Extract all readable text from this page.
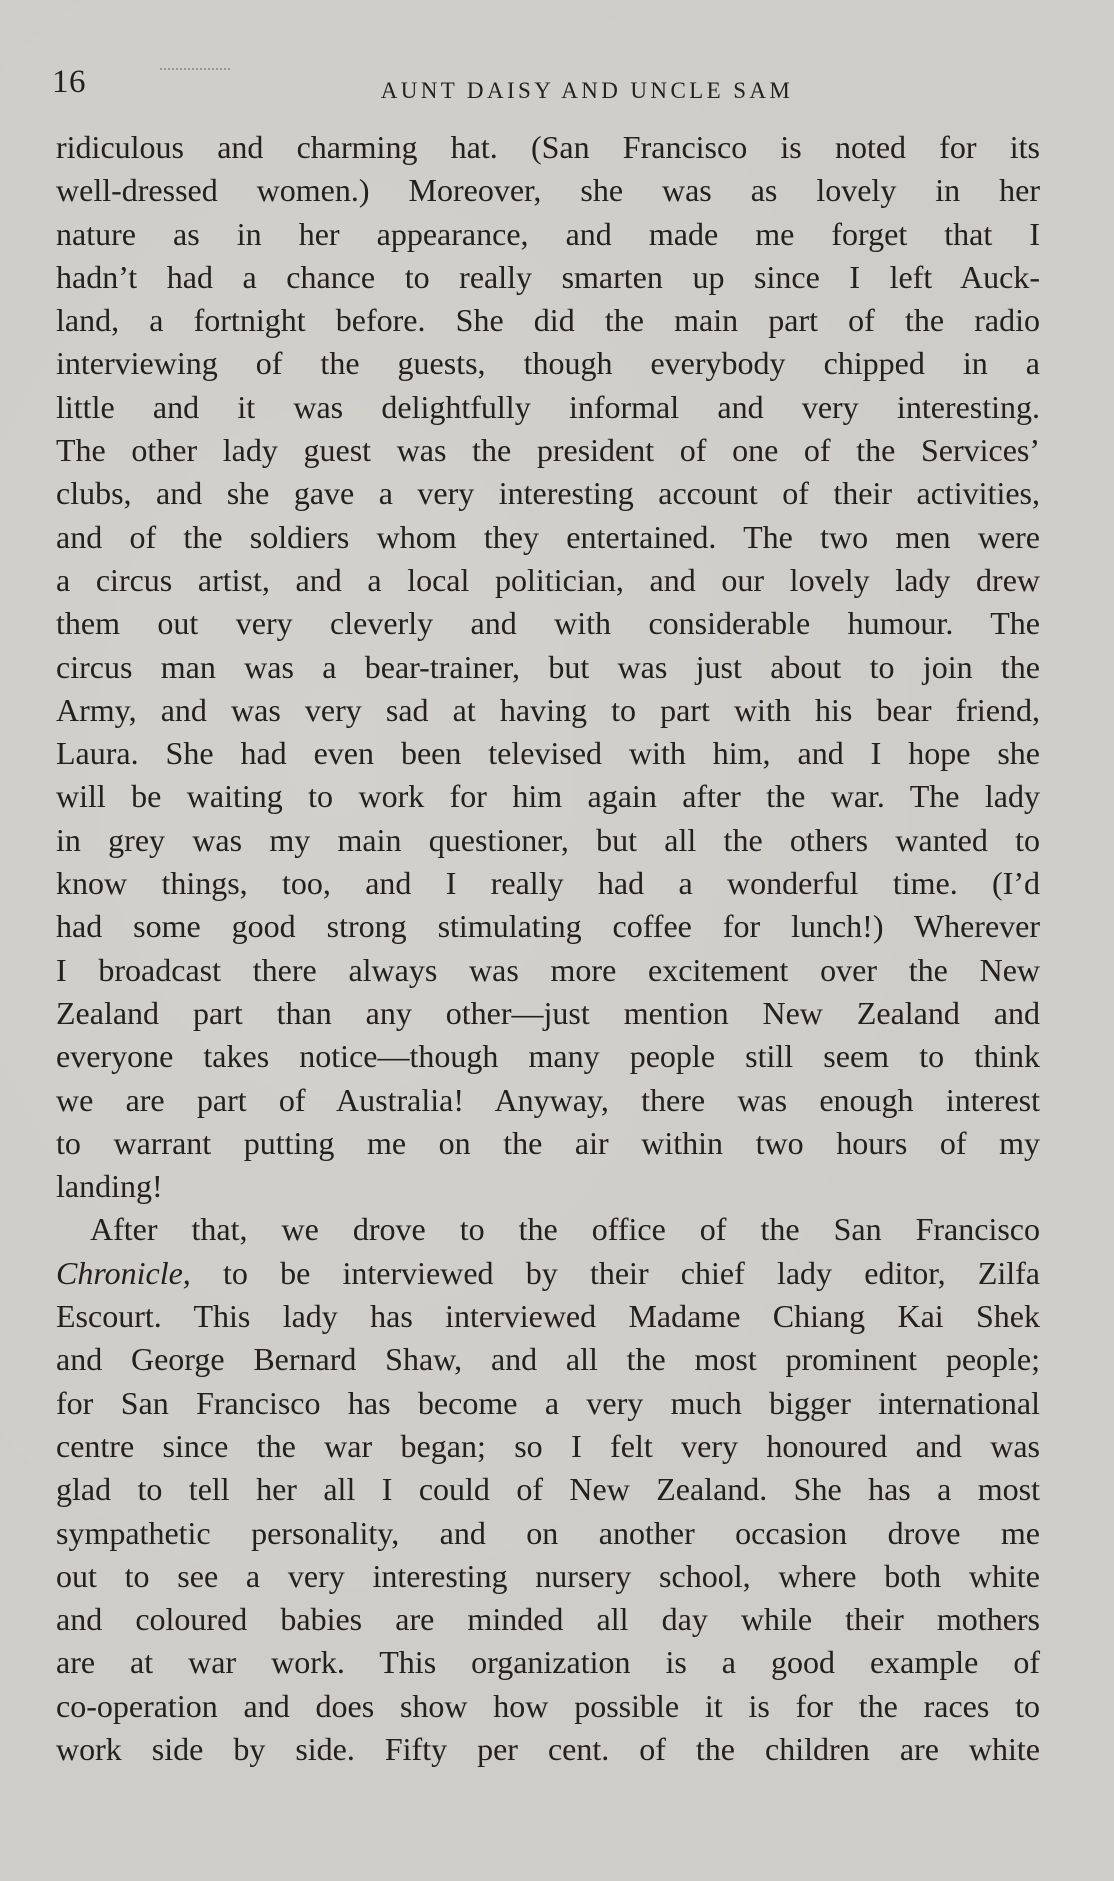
16	AUNT DAISY AND UNCLE SAM
ridiculous and charming hat. (San Francisco is noted for its
well-dressed women.) Moreover, she was as lovely in her
nature as in her appearance, and made me forget that I
hadn’t had a chance to really smarten up since I left Auck-
land, a fortnight before. She did the main part of the radio
interviewing of the guests, though everybody chipped in a
little and it was delightfully informal and very interesting.
The other lady guest was the president of one of the Services’
clubs, and she gave a very interesting account of their activities,
and of the soldiers whom they entertained. The two men were
a circus artist, and a local politician, and our lovely lady drew
them out very cleverly and with considerable humour. The
circus man was a bear-trainer, but was just about to join the
Army, and was very sad at having to part with his bear friend,
Laura. She had even been televised with him, and I hope she
will be waiting to work for him again after the war. The lady
in grey was my main questioner, but all the others wanted to
know things, too, and I really had a wonderful time. (I’d
had some good strong stimulating coffee for lunch!) Wherever
I broadcast there always was more excitement over the New
Zealand part than any other—just mention New Zealand and
everyone takes notice—though many people still seem to think
we are part of Australia! Anyway, there was enough interest
to warrant putting me on the air within two hours of my
landing!
After that, we drove to the office of the San Francisco
Chronicle, to be interviewed by their chief lady editor, Zilfa
Escourt. This lady has interviewed Madame Chiang Kai Shek
and George Bernard Shaw, and all the most prominent people;
for San Francisco has become a very much bigger international
centre since the war began; so I felt very honoured and was
glad to tell her all I could of New Zealand. She has a most
sympathetic personality, and on another occasion drove me
out to see a very interesting nursery school, where both white
and coloured babies are minded all day while their mothers
are at war work. This organization is a good example of
co-operation and does show how possible it is for the races to
work side by side. Fifty per cent. of the children are white
